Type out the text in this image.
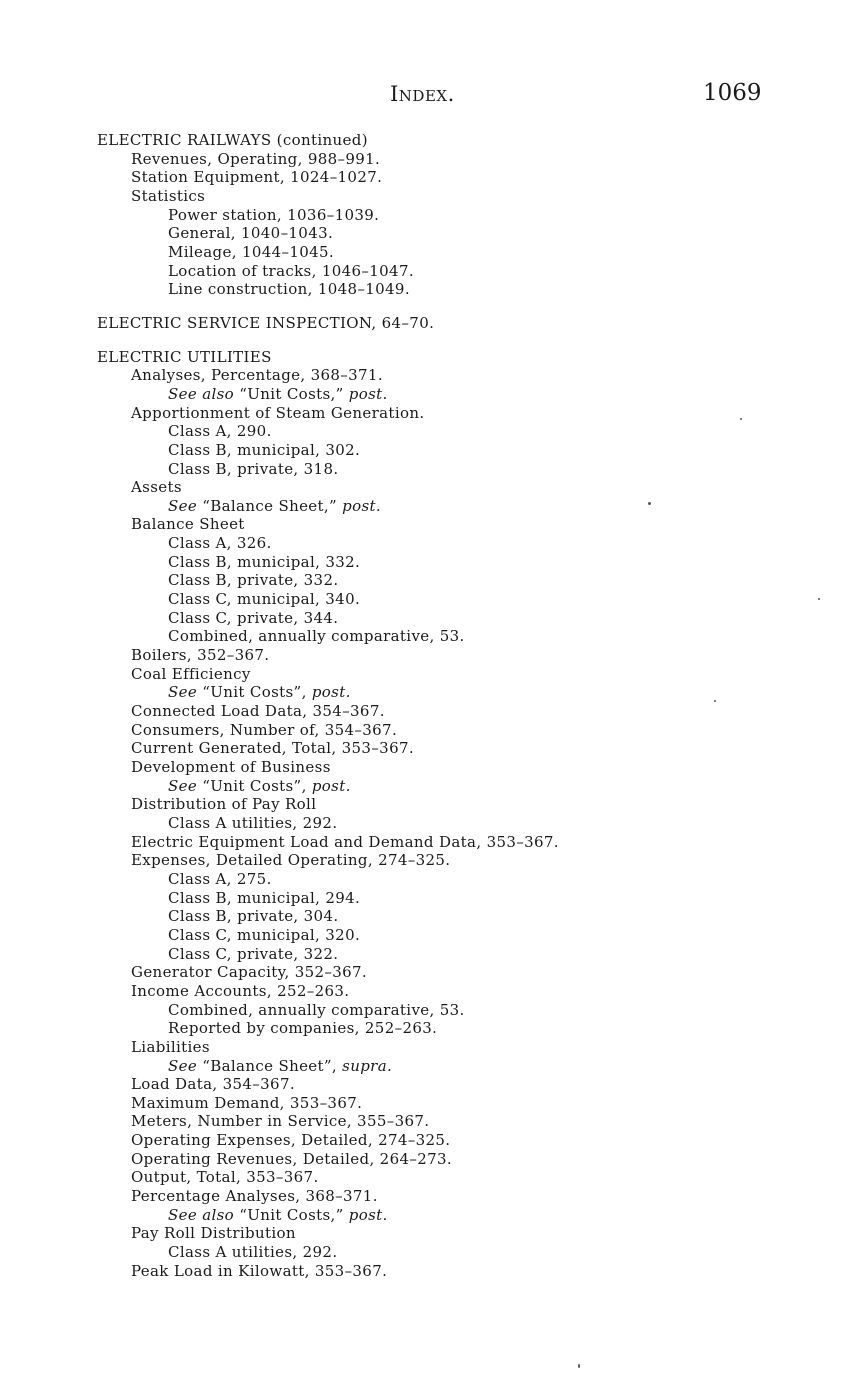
Index.	1069
ELECTRIC RAILWAYS (continued)
Revenues, Operating, 988–991.
Station Equipment, 1024–1027.
Statistics
Power station, 1036–1039.
General, 1040–1043.
Mileage, 1044–1045.
Location of tracks, 1046–1047.
Line construction, 1048–1049.
ELECTRIC SERVICE INSPECTION, 64–70.
ELECTRIC UTILITIES
Analyses, Percentage, 368–371.
See also “Unit Costs,” post.
Apportionment of Steam Generation.
Class A, 290.
Class B, municipal, 302.
Class B, private, 318.
Assets
See “Balance Sheet,” post.
Balance Sheet
Class A, 326.
Class B, municipal, 332.
Class B, private, 332.
Class C, municipal, 340.
Class C, private, 344.
Combined, annually comparative, 53.
Boilers, 352–367.
Coal Efficiency
See “Unit Costs”, post.
Connected Load Data, 354–367.
Consumers, Number of, 354–367.
Current Generated, Total, 353–367.
Development of Business
See “Unit Costs”, post.
Distribution of Pay Roll
Class A utilities, 292.
Electric Equipment Load and Demand Data, 353–367.
Expenses, Detailed Operating, 274–325.
Class A, 275.
Class B, municipal, 294.
Class B, private, 304.
Class C, municipal, 320.
Class C, private, 322.
Generator Capacity, 352–367.
Income Accounts, 252–263.
Combined, annually comparative, 53.
Reported by companies, 252–263.
Liabilities
See “Balance Sheet”, supra.
Load Data, 354–367.
Maximum Demand, 353–367.
Meters, Number in Service, 355–367.
Operating Expenses, Detailed, 274–325.
Operating Revenues, Detailed, 264–273.
Output, Total, 353–367.
Percentage Analyses, 368–371.
See also “Unit Costs,” post.
Pay Roll Distribution
Class A utilities, 292.
Peak Load in Kilowatt, 353–367.
